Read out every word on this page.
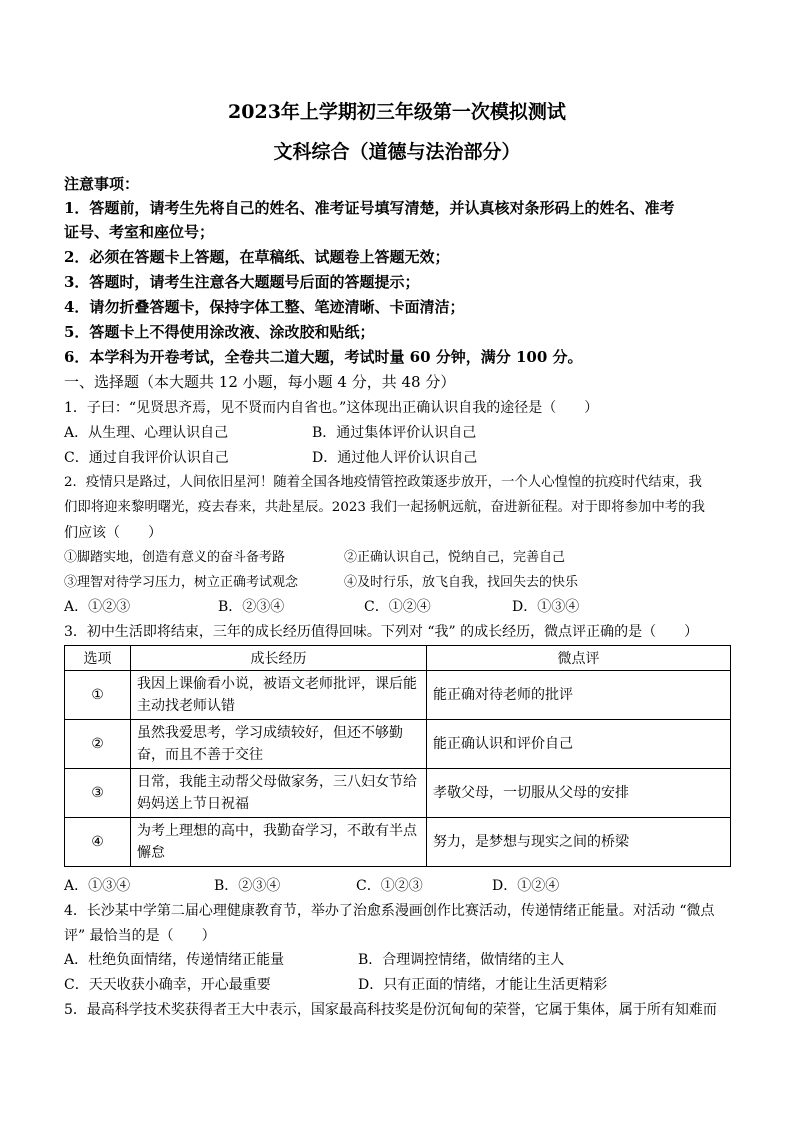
2023年上学期初三年级第一次模拟测试
文科综合（道德与法治部分）
注意事项：
1．答题前，请考生先将自己的姓名、准考证号填写清楚，并认真核对条形码上的姓名、准考
证号、考室和座位号；
2．必须在答题卡上答题，在草稿纸、试题卷上答题无效；
3．答题时，请考生注意各大题题号后面的答题提示；
4．请勿折叠答题卡，保持字体工整、笔迹清晰、卡面清洁；
5．答题卡上不得使用涂改液、涂改胶和贴纸；
6．本学科为开卷考试，全卷共二道大题，考试时量 60 分钟，满分 100 分。
一、选择题（本大题共 12 小题，每小题 4 分，共 48 分）
1．子曰：“见贤思齐焉，见不贤而内自省也。”这体现出正确认识自我的途径是（　　）
A．从生理、心理认识自己	B．通过集体评价认识自己
C．通过自我评价认识自己	D．通过他人评价认识自己
2．疫情只是路过，人间依旧星河！随着全国各地疫情管控政策逐步放开，一个人心惶惶的抗疫时代结束，我
们即将迎来黎明曙光，疫去春来，共赴星辰。2023 我们一起扬帆远航，奋进新征程。对于即将参加中考的我
们应该（　　）
①脚踏实地，创造有意义的奋斗备考路	②正确认识自己，悦纳自己，完善自己
③理智对待学习压力，树立正确考试观念	④及时行乐，放飞自我，找回失去的快乐
A．①②③	B．②③④	C．①②④	D．①③④
3．初中生活即将结束，三年的成长经历值得回味。下列对 “我” 的成长经历，微点评正确的是（　　）
选项	成长经历	微点评
①	我因上课偷看小说，被语文老师批评，课后能
主动找老师认错	能正确对待老师的批评
②	虽然我爱思考，学习成绩较好，但还不够勤
奋，而且不善于交往	能正确认识和评价自己
③	日常，我能主动帮父母做家务，三八妇女节给
妈妈送上节日祝福	孝敬父母，一切服从父母的安排
④	为考上理想的高中，我勤奋学习，不敢有半点
懈怠	努力，是梦想与现实之间的桥梁
A．①③④	B．②③④	C．①②③	D．①②④
4．长沙某中学第二届心理健康教育节，举办了治愈系漫画创作比赛活动，传递情绪正能量。对活动 “微点
评” 最恰当的是（　　）
A．杜绝负面情绪，传递情绪正能量	B．合理调控情绪，做情绪的主人
C．天天收获小确幸，开心最重要	D．只有正面的情绪，才能让生活更精彩
5．最高科学技术奖获得者王大中表示，国家最高科技奖是份沉甸甸的荣誉，它属于集体，属于所有知难而
